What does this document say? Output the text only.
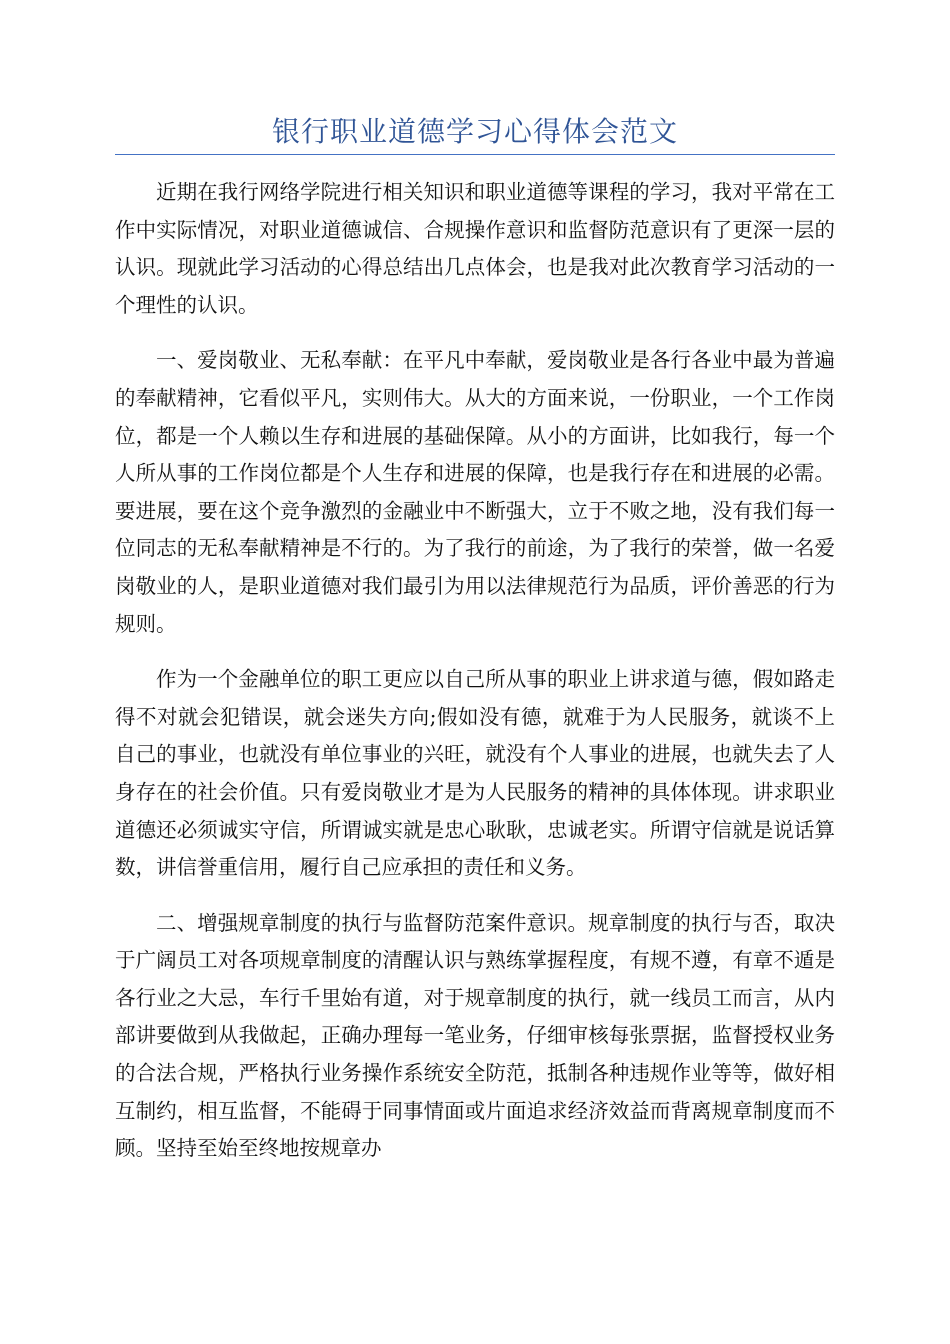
银行职业道德学习心得体会范文

近期在我行网络学院进行相关知识和职业道德等课程的学习，我对平常在工作中实际情况，对职业道德诚信、合规操作意识和监督防范意识有了更深一层的认识。现就此学习活动的心得总结出几点体会，也是我对此次教育学习活动的一个理性的认识。

一、爱岗敬业、无私奉献：在平凡中奉献，爱岗敬业是各行各业中最为普遍的奉献精神，它看似平凡，实则伟大。从大的方面来说，一份职业，一个工作岗位，都是一个人赖以生存和进展的基础保障。从小的方面讲，比如我行，每一个人所从事的工作岗位都是个人生存和进展的保障，也是我行存在和进展的必需。要进展，要在这个竞争激烈的金融业中不断强大，立于不败之地，没有我们每一位同志的无私奉献精神是不行的。为了我行的前途，为了我行的荣誉，做一名爱岗敬业的人，是职业道德对我们最引为用以法律规范行为品质，评价善恶的行为规则。

作为一个金融单位的职工更应以自己所从事的职业上讲求道与德，假如路走得不对就会犯错误，就会迷失方向;假如没有德，就难于为人民服务，就谈不上自己的事业，也就没有单位事业的兴旺，就没有个人事业的进展，也就失去了人身存在的社会价值。只有爱岗敬业才是为人民服务的精神的具体体现。讲求职业道德还必须诚实守信，所谓诚实就是忠心耿耿，忠诚老实。所谓守信就是说话算数，讲信誉重信用，履行自己应承担的责任和义务。

二、增强规章制度的执行与监督防范案件意识。规章制度的执行与否，取决于广阔员工对各项规章制度的清醒认识与熟练掌握程度，有规不遵，有章不遁是各行业之大忌，车行千里始有道，对于规章制度的执行，就一线员工而言，从内部讲要做到从我做起，正确办理每一笔业务，仔细审核每张票据，监督授权业务的合法合规，严格执行业务操作系统安全防范，抵制各种违规作业等等，做好相互制约，相互监督，不能碍于同事情面或片面追求经济效益而背离规章制度而不顾。坚持至始至终地按规章办
